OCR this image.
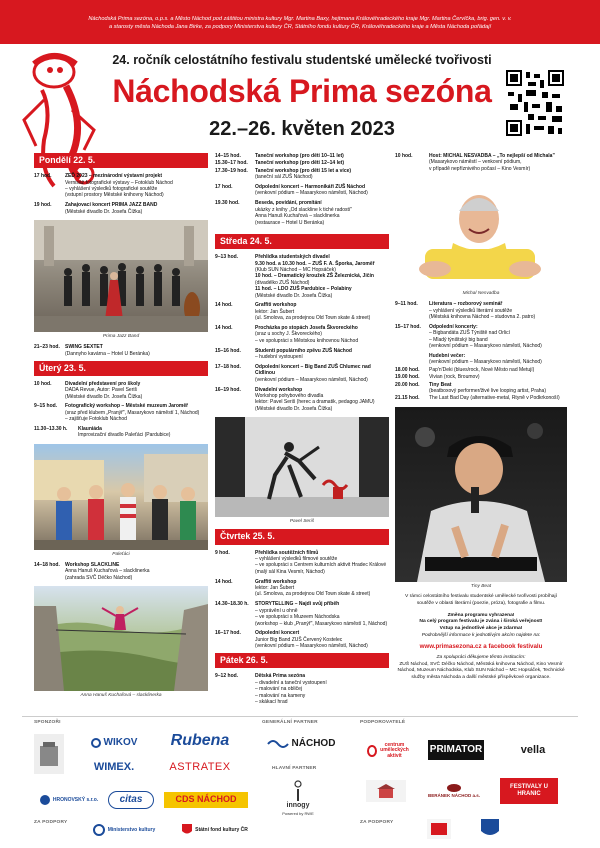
Náchodská Prima sezóna, o.p.s. a Město Náchod pod záštitou ministra kultury Mgr. Martina Baxy, hejtmana Královéhradeckého kraje Mgr. Martina Červíčka, brig. gen. v. v.
a starosty města Náchoda Jana Birke, za podpory Ministerstva kultury ČR, Státního fondu kultury ČR, Královéhradeckého kraje a Města Náchoda pořádají
24. ročník celostátního festivalu studentské umělecké tvořivosti
Náchodská Prima sezóna
22.–26. květen 2023
Pondělí 22. 5.
17 hod.	ZEĎ 2023 – mezinárodní výstavní projekt
Vernisáž fotografické výstavy – Fotoklub Náchod
– vyhlášení výsledků fotografické soutěže
(vstupní prostory Městské knihovny Náchod)
19 hod.	Zahajovací koncert PRIMA JAZZ BAND
(Městské divadlo Dr. Josefa Čížka)
Prima Jazz Band
21–23 hod.	SWING SEXTET
(Dannyho kavárna – Hotel U Beránka)
Úterý 23. 5.
10 hod.	Divadelní představení pro školy
DADA Revue, Autor: Pavel Seriš
(Městské divadlo Dr. Josefa Čížka)
9–15 hod.	Fotografický workshop – Městské muzeum Jaroměř
(sraz před klubem „Pranýř", Masarykovo náměstí 1, Náchod)
– zajišťuje Fotoklub Náchod
11.30–13.30 h.	Klauniáda
Improvizační divadlo Paleťáci (Pardubice)
Paleťáci
14–18 hod.	Workshop SLACKLINE
Anna Hanuš Kuchařová – slacklinerka
(zahrada SVČ Déčko Náchod)
Anna Hanuš Kuchařová – slacklinerka
14–15 hod.	Taneční workshop (pro děti 10–11 let)
15.30–17 hod.	Taneční workshop (pro děti 12–14 let)
17.30–19 hod.	Taneční workshop (pro děti 15 let a více)
(taneční sál ZUŠ Náchod)
17 hod.	Odpolední koncert – Harmonikáři ZUŠ Náchod
(venkovní pódium – Masarykovo náměstí, Náchod)
19.30 hod.	Beseda, povídání, promítání
ukázky z knihy „Od slackline k tiché radosti"
Anna Hanuš Kuchařová – slacklinerka
(restaurace – Hotel U Beránka)
Středa 24. 5.
9–13 hod.	Přehlídka studentských divadel
9.30 hod. a 10.30 hod. – ZUŠ F. A. Šporka, Jaroměř
(Klub SUN Náchod – MC Hopsáček)
10 hod. – Dramatický kroužek ZŠ Železnická, Jičín
(divadélko ZUŠ Náchod)
11 hod. – LDO ZUŠ Pardubice – Polabiny
(Městské divadlo Dr. Josefa Čížka)
14 hod.	Graffiti workshop
lektor: Jan Šubert
(ul. Smolova, za prodejnou Old Town skate & street)
14 hod.	Procházka po stopách Josefa Škvoreckého
(sraz u sochy J. Škvoreckého)
– ve spolupráci s Městskou knihovnou Náchod
15–16 hod.	Studenti populárního zpěvu ZUŠ Náchod
– hudební vystoupení
17–18 hod.	Odpolední koncert – Big Band ZUŠ Chlumec nad Cidlinou
(venkovní pódium – Masarykovo náměstí, Náchod)
16–19 hod.	Divadelní workshop
Workshop pohybového divadla
lektor: Pavel Seriš (herec a dramatik, pedagog JAMU)
(Městské divadlo Dr. Josefa Čížka)
Pavel Seriš
Čtvrtek 25. 5.
9 hod.	Přehlídka soutěžních filmů
– vyhlášení výsledků filmové soutěže
– ve spolupráci s Centrem kulturních aktivit Hradec Králové
(malý sál Kina Vesmír, Náchod)
14 hod.	Graffiti workshop
lektor: Jan Šubert
(ul. Smolova, za prodejnou Old Town skate & street)
14.30–18.30 h.	STORYTELLING – Najdi svůj příběh
– vyprávění u ohně
– ve spolupráci s Muzeem Náchodska
(workshop – klub „Pranýř", Masarykovo náměstí 1, Náchod)
16–17 hod.	Odpolední koncert
Junior Big Band ZUŠ Červený Kostelec
(venkovní pódium – Masarykovo náměstí, Náchod)
Pátek 26. 5.
9–12 hod.	Dětská Prima sezóna
– divadelní a taneční vystoupení
– malování na obličej
– malování na kameny
– skákací hrad
10 hod.	Host: MICHAL NESVADBA – „To nejlepší od Michala"
(Masarykovo náměstí – venkovní pódium,
v případě nepříznivého počasí – Kino Vesmír)
Michal Nesvadba
9–11 hod.	Literatura – rozborový seminář
– vyhlášení výsledků literární soutěže
(Městská knihovna Náchod – studovna 2. patro)
15–17 hod.	Odpolední koncerty:
– Bigbandáta ZUŠ Týniště nad Orlicí
– Mladý týništský big band
(venkovní pódium – Masarykovo náměstí, Náchod)
Hudební večer:
(venkovní pódium – Masarykovo náměstí, Náchod)
18.00 hod.	Pap'n'Deki (blues/rock, Nové Město nad Metují)
19.00 hod.	Vivian (rock, Broumov)
20.00 hod.	Tiny Beat
(beatboxový performer/živé live looping artist, Praha)
21.15 hod.	The Last Bad Day (alternative-metal, Rtyně v Podkrkonoší)
Tiny Beat
V rámci celostátního festivalu studentské umělecké tvořivosti probíhají
soutěže v oblasti literární (poezie, próza), fotografie a filmu.
Změna programu vyhrazena!
Na celý program festivalu je zvána i široká veřejnost!
Vstup na jednotlivé akce je zdarma!
Podrobnější informace k jednotlivým akcím najdete na:
www.primasezona.cz a facebook festivalu
Za spolupráci děkujeme těmto institucím:
ZUŠ Náchod, SVČ Déčko Náchod, Městská knihovna Náchod, Kino Vesmír
Náchod, Muzeum Náchodska, Klub SUN Náchod – MC Hopsáček, Technické
služby města Náchoda a další městské příspěvkové organizace.
SPONZOŘI	GENERÁLNÍ PARTNER
HLAVNÍ PARTNER
PODPOROVATELÉ
ZA PODPORY	ZA PODPORY
WIKOV	Rubena
WIMEX.	ASTRATEX
HRONOVSKÝ s.r.o.	citas	CDS NÁCHOD
NÁCHOD
innogy
Powered by RWE
centrum uměleckých aktivit
PRIMATOR	vella
BERÁNEK NÁCHOD a.s.
FESTIVALY U HRANIC
Ministerstvo kultury	Státní fond kultury ČR
